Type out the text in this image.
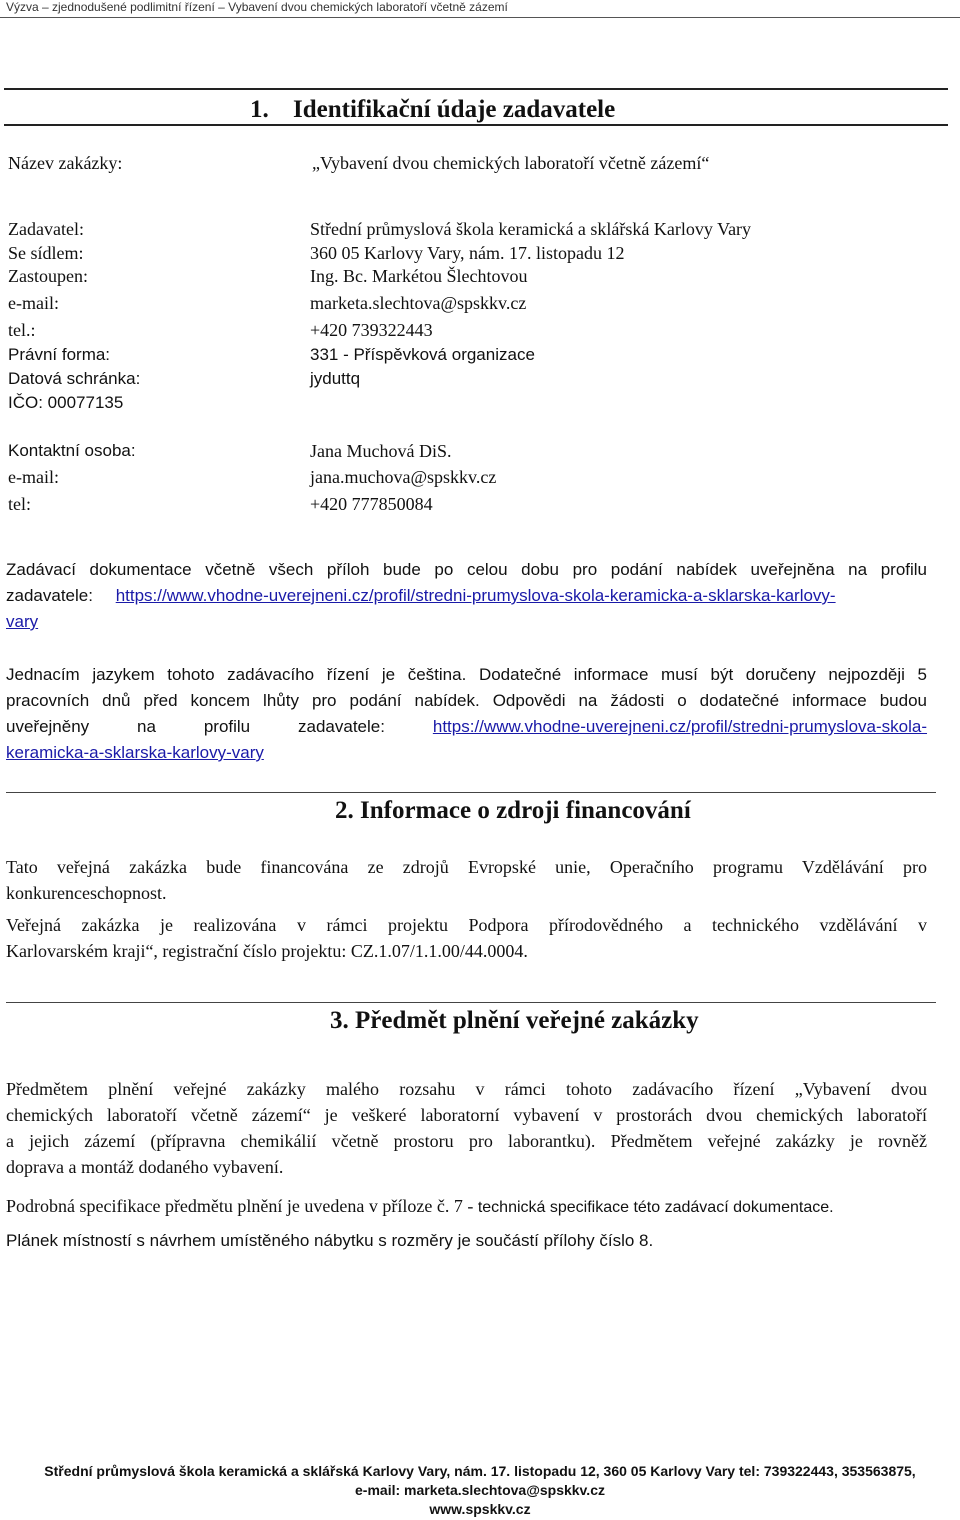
Výzva – zjednodušené podlimitní řízení – Vybavení dvou chemických laboratoří včetně zázemí
1. Identifikační údaje zadavatele
Název zakázky:	„Vybavení dvou chemických laboratoří včetně zázemí“
Zadavatel:	Střední průmyslová škola keramická a sklářská Karlovy Vary
Se sídlem:	360 05 Karlovy Vary, nám. 17. listopadu 12
Zastoupen:	Ing. Bc. Markétou Šlechtovou
e-mail:	marketa.slechtova@spskkv.cz
tel.:	+420 739322443
Právní forma:	331 - Příspěvková organizace
Datová schránka:	jyduttq
IČO: 00077135
Kontaktní osoba:	Jana Muchová DiS.
e-mail:	jana.muchova@spskkv.cz
tel:	+420 777850084
Zadávací dokumentace včetně všech příloh bude po celou dobu pro podání nabídek uveřejněna na profilu
zadavatele: https://www.vhodne-uverejneni.cz/profil/stredni-prumyslova-skola-keramicka-a-sklarska-karlovy-
vary
Jednacím jazykem tohoto zadávacího řízení je čeština. Dodatečné informace musí být doručeny nejpozději 5
pracovních dnů před koncem lhůty pro podání nabídek. Odpovědi na žádosti o dodatečné informace budou
uveřejněny na profilu zadavatele:	https://www.vhodne-uverejneni.cz/profil/stredni-prumyslova-skola-
keramicka-a-sklarska-karlovy-vary
2. Informace o zdroji financování
Tato veřejná zakázka bude financována ze zdrojů Evropské unie, Operačního programu Vzdělávání pro
konkurenceschopnost.
Veřejná zakázka je realizována v rámci projektu Podpora přírodovědného a technického vzdělávání v
Karlovarském kraji“, registrační číslo projektu: CZ.1.07/1.1.00/44.0004.
3. Předmět plnění veřejné zakázky
Předmětem plnění veřejné zakázky malého rozsahu v rámci tohoto zadávacího řízení „Vybavení dvou
chemických laboratoří včetně zázemí“ je veškeré laboratorní vybavení v prostorách dvou chemických laboratoří
a jejich zázemí (přípravna chemikálií včetně prostoru pro laborantku). Předmětem veřejné zakázky je rovněž
doprava a montáž dodaného vybavení.
Podrobná specifikace předmětu plnění je uvedena v příloze č. 7 - technická specifikace této zadávací dokumentace.
Plánek místností s návrhem umístěného nábytku s rozměry je součástí přílohy číslo 8.
Střední průmyslová škola keramická a sklářská Karlovy Vary, nám. 17. listopadu 12, 360 05 Karlovy Vary tel: 739322443, 353563875,
e-mail: marketa.slechtova@spskkv.cz
www.spskkv.cz
